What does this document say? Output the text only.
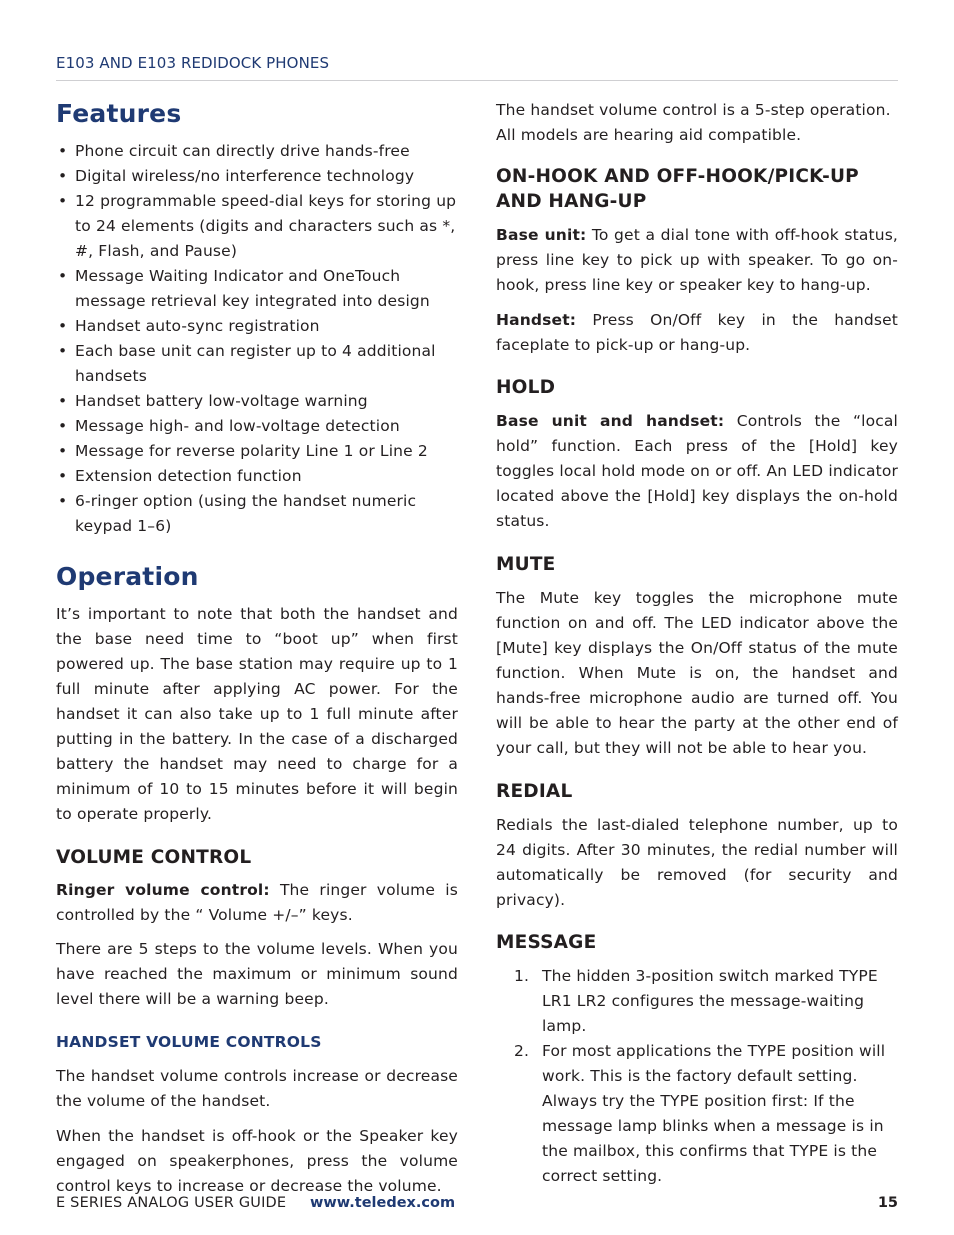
E103 AND E103 REDIDOCK PHONES
Features
• Phone circuit can directly drive hands-free
• Digital wireless/no interference technology
• 12 programmable speed-dial keys for storing up to 24 elements (digits and characters such as *, #, Flash, and Pause)
• Message Waiting Indicator and OneTouch message retrieval key integrated into design
• Handset auto-sync registration
• Each base unit can register up to 4 additional handsets
• Handset battery low-voltage warning
• Message high- and low-voltage detection
• Message for reverse polarity Line 1 or Line 2
• Extension detection function
• 6-ringer option (using the handset numeric keypad 1–6)
Operation

It’s important to note that both the handset and the base need time to “boot up” when first powered up. The base station may require up to 1 full minute after applying AC power. For the handset it can also take up to 1 full minute after putting in the battery. In the case of a discharged battery the handset may need to charge for a minimum of 10 to 15 minutes before it will begin to operate properly.

VOLUME CONTROL

Ringer volume control: The ringer volume is controlled by the “ Volume +/–” keys.

There are 5 steps to the volume levels. When you have reached the maximum or minimum sound level there will be a warning beep.

HANDSET VOLUME CONTROLS

The handset volume controls increase or decrease the volume of the handset.

When the handset is off-hook or the Speaker key engaged on speakerphones, press the volume control keys to increase or decrease the volume.

The handset volume control is a 5-step operation. All models are hearing aid compatible.

ON-HOOK AND OFF-HOOK/PICK-UP AND HANG-UP

Base unit: To get a dial tone with off-hook status, press line key to pick up with speaker. To go on-hook, press line key or speaker key to hang-up.

Handset: Press On/Off key in the handset faceplate to pick-up or hang-up.

HOLD

Base unit and handset: Controls the “local hold” function. Each press of the [Hold] key toggles local hold mode on or off. An LED indicator located above the [Hold] key displays the on-hold status.

MUTE

The Mute key toggles the microphone mute function on and off. The LED indicator above the [Mute] key displays the On/Off status of the mute function. When Mute is on, the handset and hands-free microphone audio are turned off. You will be able to hear the party at the other end of your call, but they will not be able to hear you.

REDIAL

Redials the last-dialed telephone number, up to 24 digits. After 30 minutes, the redial number will automatically be removed (for security and privacy).

MESSAGE
1. The hidden 3-position switch marked TYPE LR1 LR2 configures the message-waiting lamp.
2. For most applications the TYPE position will work. This is the factory default setting. Always try the TYPE position first: If the message lamp blinks when a message is in the mailbox, this confirms that TYPE is the correct setting.
E SERIES ANALOG USER GUIDE www.teledex.com	15
